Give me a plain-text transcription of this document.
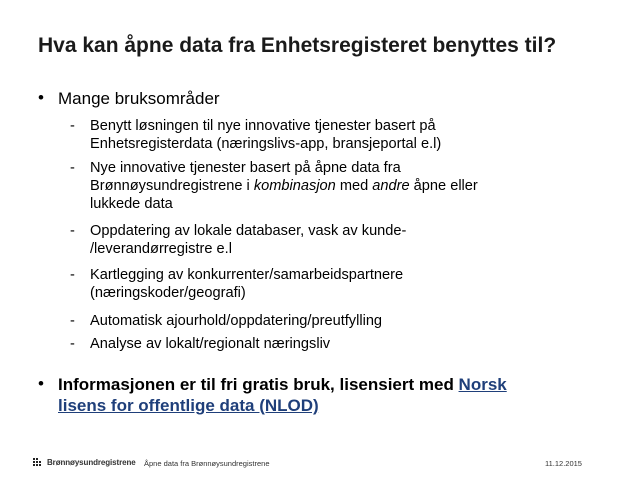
Hva kan åpne data fra Enhetsregisteret benyttes til?
• Mange bruksområder
-	Benytt løsningen til nye innovative tjenester basert på
Enhetsregisterdata (næringslivs-app, bransjeportal e.l)
-	Nye innovative tjenester basert på åpne data fra
Brønnøysundregistrene i kombinasjon med andre åpne eller
lukkede data
-	Oppdatering av lokale databaser, vask av kunde-
/leverandørregistre e.l
-	Kartlegging av konkurrenter/samarbeidspartnere
(næringskoder/geografi)
-	Automatisk ajourhold/oppdatering/preutfylling
-	Analyse av lokalt/regionalt næringsliv
• Informasjonen er til fri gratis bruk, lisensiert med Norsk
lisens for offentlige data (NLOD)
Brønnøysundregistrene Åpne data fra Brønnøysundregistrene	11.12.2015
